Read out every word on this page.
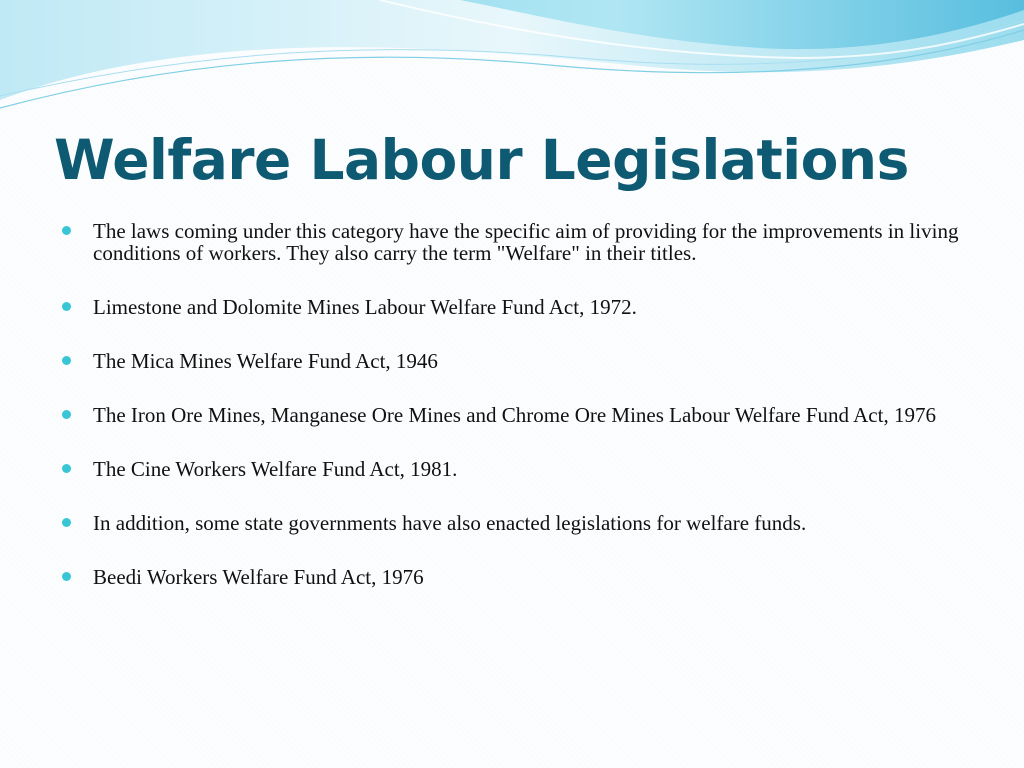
Welfare Labour Legislations
The laws coming under this category have the specific aim of providing for the improvements in living conditions of workers. They also carry the term "Welfare" in their titles.
Limestone and Dolomite Mines Labour Welfare Fund Act, 1972.
The Mica Mines Welfare Fund Act, 1946
The Iron Ore Mines, Manganese Ore Mines and Chrome Ore Mines Labour Welfare Fund Act, 1976
The Cine Workers Welfare Fund Act, 1981.
In addition, some state governments have also enacted legislations for welfare funds.
Beedi Workers Welfare Fund Act, 1976
